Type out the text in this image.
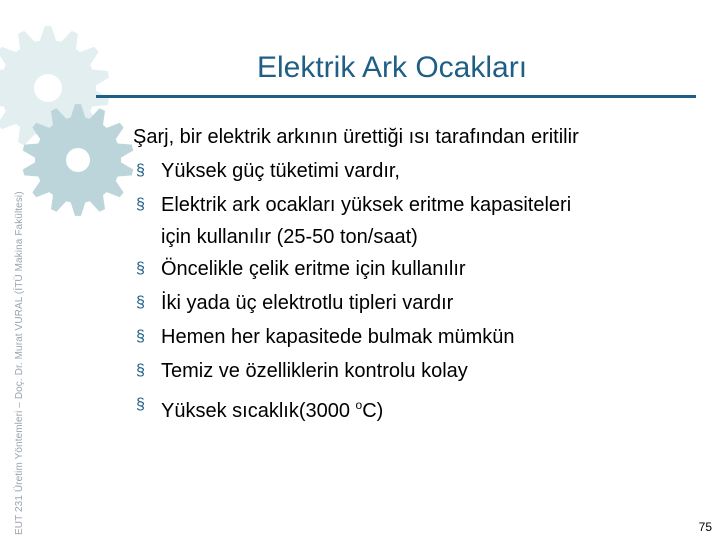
EUT 231 Üretim Yöntemleri – Doç. Dr. Murat VURAL (İTÜ Makina Fakültesi)
Elektrik Ark Ocakları
Şarj, bir elektrik arkının ürettiği ısı tarafından eritilir
§ Yüksek güç tüketimi vardır,
§ Elektrik ark ocakları yüksek eritme kapasiteleri
için kullanılır (25-50 ton/saat)
§ Öncelikle çelik eritme için kullanılır
§ İki yada üç elektrotlu tipleri vardır
§ Hemen her kapasitede bulmak mümkün
§ Temiz ve özelliklerin kontrolu kolay
§ Yüksek sıcaklık(3000 $^o$C)
75
